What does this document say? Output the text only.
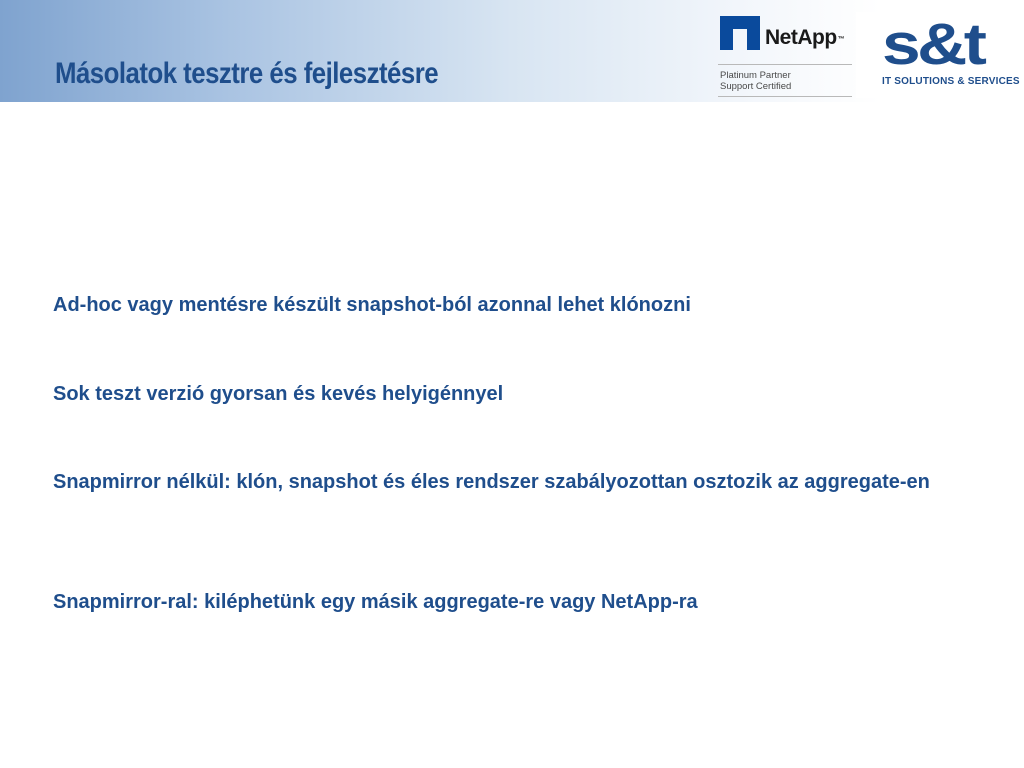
Másolatok tesztre és fejlesztésre
NetApp™
Platinum Partner
Support Certified
s&t
IT SOLUTIONS & SERVICES

Ad-hoc vagy mentésre készült snapshot-ból azonnal lehet klónozni

Sok teszt verzió gyorsan és kevés helyigénnyel

Snapmirror nélkül: klón, snapshot és éles rendszer szabályozottan osztozik az aggregate-en

Snapmirror-ral: kiléphetünk egy másik aggregate-re vagy NetApp-ra
